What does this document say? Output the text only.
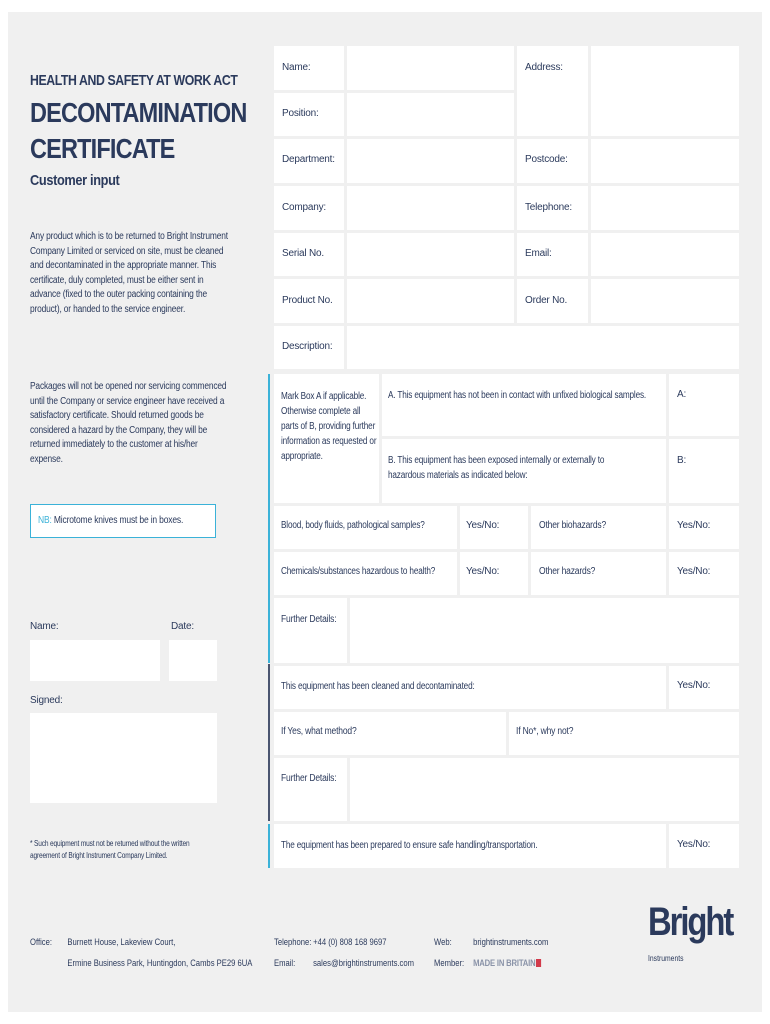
HEALTH AND SAFETY AT WORK ACT
DECONTAMINATION
CERTIFICATE
Customer input
Any product which is to be returned to Bright Instrument Company Limited or serviced on site, must be cleaned and decontaminated in the appropriate manner. This certificate, duly completed, must be either sent in advance (fixed to the outer packing containing the product), or handed to the service engineer.
Packages will not be opened nor servicing commenced until the Company or service engineer have received a satisfactory certificate. Should returned goods be considered a hazard by the Company, they will be returned immediately to the customer at his/her expense.
NB: Microtome knives must be in boxes.
Name:	Date:
Signed:
* Such equipment must not be returned without the written agreement of Bright Instrument Company Limited.
Name:	Address:
Position:
Department:	Postcode:
Company:	Telephone:
Serial No.	Email:
Product No.	Order No.
Description:
Mark Box A if applicable. Otherwise complete all parts of B, providing further information as requested or appropriate.
A. This equipment has not been in contact with unfixed biological samples.	A:
B. This equipment has been exposed internally or externally to hazardous materials as indicated below:
B:
Blood, body fluids, pathological samples?	Yes/No:	Other biohazards?	Yes/No:
Chemicals/substances hazardous to health?	Yes/No:	Other hazards?	Yes/No:
Further Details:
This equipment has been cleaned and decontaminated:	Yes/No:
If Yes, what method?	If No*, why not?
Further Details:
The equipment has been prepared to ensure safe handling/transportation.	Yes/No:
Office: Burnett House, Lakeview Court,
Ermine Business Park, Huntingdon, Cambs PE29 6UA
Telephone: +44 (0) 808 168 9697
Email: sales@brightinstruments.com
Web: brightinstruments.com
Member: MADE IN BRITAIN
Bright
Instruments
